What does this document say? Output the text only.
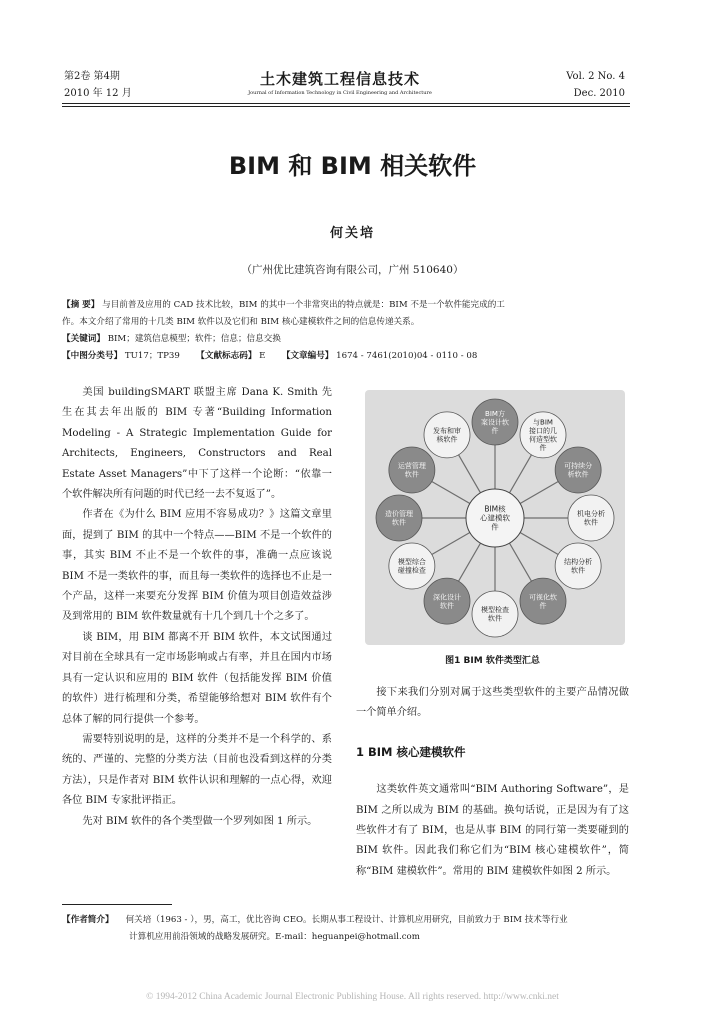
第2卷 第4期
2010 年 12 月
土木建筑工程信息技术
Journal of Information Technology in Civil Engineering and Architecture
Vol. 2 No. 4
Dec. 2010
BIM 和 BIM 相关软件
何关培
（广州优比建筑咨询有限公司，广州 510640）
【摘 要】 与目前普及应用的 CAD 技术比较，BIM 的其中一个非常突出的特点就是：BIM 不是一个软件能完成的工
作。本文介绍了常用的十几类 BIM 软件以及它们和 BIM 核心建模软件之间的信息传递关系。
【关键词】 BIM；建筑信息模型；软件；信息；信息交换
【中图分类号】 TU17；TP39 【文献标志码】 E 【文章编号】 1674 - 7461(2010)04 - 0110 - 08

美国 buildingSMART 联盟主席 Dana K. Smith 先生在其去年出版的 BIM 专著“Building Information Modeling - A Strategic Implementation Guide for Architects, Engineers, Constructors and Real Estate Asset Managers”中下了这样一个论断：“依靠一个软件解决所有问题的时代已经一去不复返了”。

作者在《为什么 BIM 应用不容易成功？》这篇文章里面，提到了 BIM 的其中一个特点——BIM 不是一个软件的事，其实 BIM 不止不是一个软件的事，准确一点应该说 BIM 不是一类软件的事，而且每一类软件的选择也不止是一个产品，这样一来要充分发挥 BIM 价值为项目创造效益涉及到常用的 BIM 软件数量就有十几个到几十个之多了。

谈 BIM，用 BIM 都离不开 BIM 软件，本文试图通过对目前在全球具有一定市场影响或占有率，并且在国内市场具有一定认识和应用的 BIM 软件（包括能发挥 BIM 价值的软件）进行梳理和分类，希望能够给想对 BIM 软件有个总体了解的同行提供一个参考。

需要特别说明的是，这样的分类并不是一个科学的、系统的、严谨的、完整的分类方法（目前也没看到这样的分类方法），只是作者对 BIM 软件认识和理解的一点心得，欢迎各位 BIM 专家批评指正。

先对 BIM 软件的各个类型做一个罗列如图 1 所示。

BIM方案设计软件
与BIM 接口的几何造型软件
可持续分析软件
机电分析软件
结构分析软件
可视化软件
模型检查软件
深化设计软件
模型综合碰撞检查
造价管理软件
运营管理软件
发布和审核软件
BIM核心建模软件
图1 BIM 软件类型汇总

接下来我们分别对属于这些类型软件的主要产品情况做一个简单介绍。

1 BIM 核心建模软件

这类软件英文通常叫“BIM Authoring Software”，是 BIM 之所以成为 BIM 的基础。换句话说，正是因为有了这些软件才有了 BIM，也是从事 BIM 的同行第一类要碰到的 BIM 软件。因此我们称它们为“BIM 核心建模软件”，简称“BIM 建模软件”。常用的 BIM 建模软件如图 2 所示。

【作者简介】 何关培（1963 - ），男，高工，优比咨询 CEO。长期从事工程设计、计算机应用研究，目前致力于 BIM 技术等行业
计算机应用前沿领域的战略发展研究。E-mail：heguanpei@hotmail.com
© 1994-2012 China Academic Journal Electronic Publishing House. All rights reserved. http://www.cnki.net
